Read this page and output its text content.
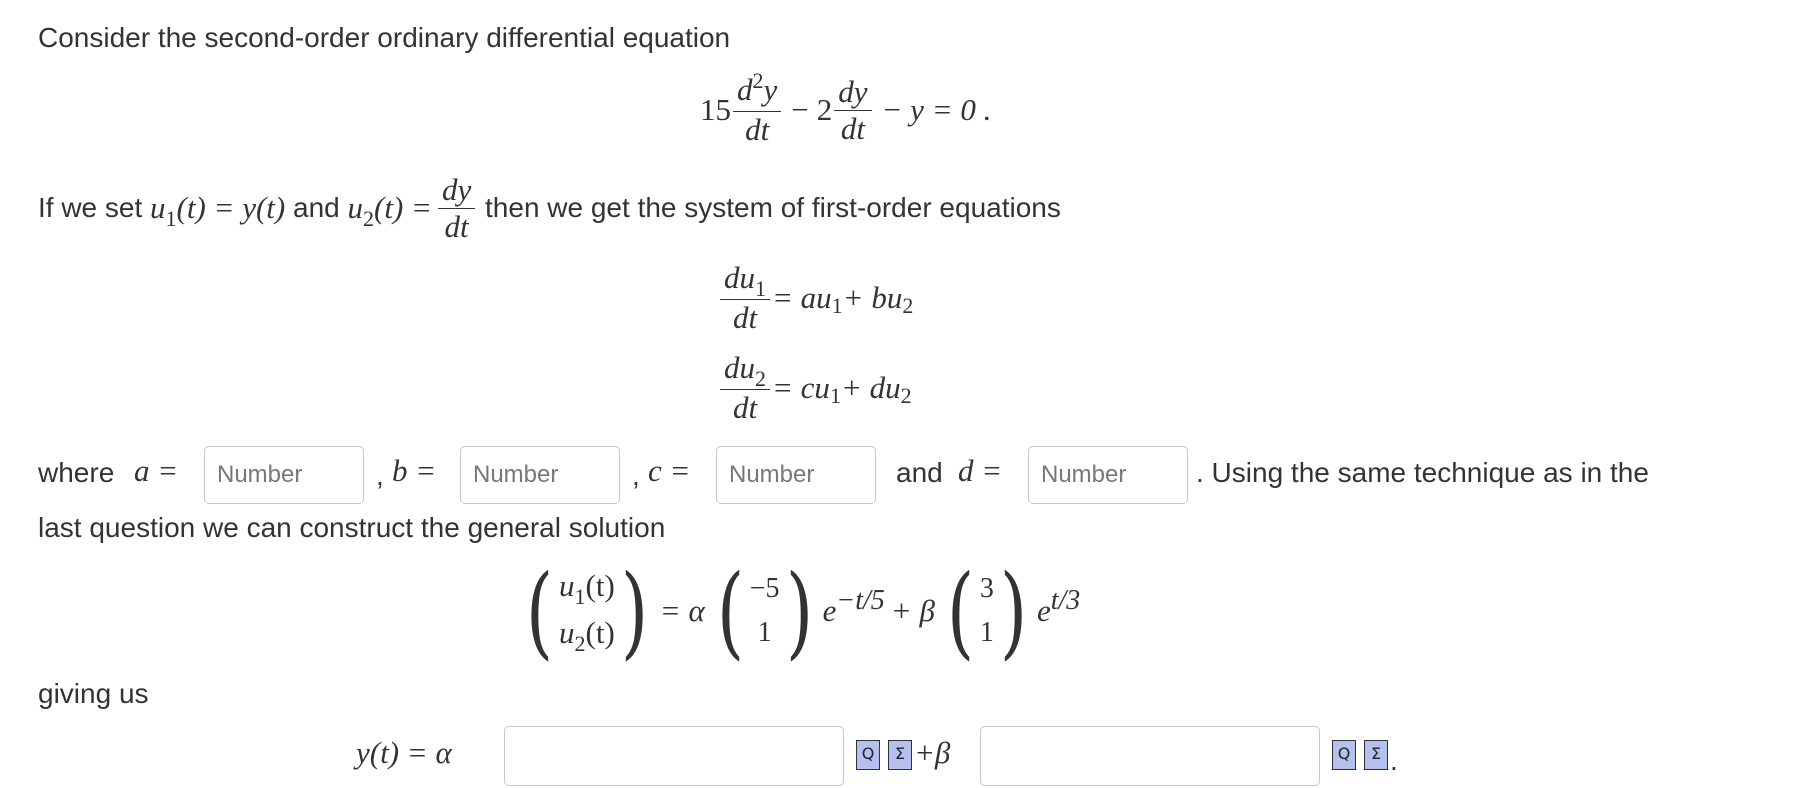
Consider the second-order ordinary differential equation
$15 \frac{d^2y}{dt} - 2 \frac{dy}{dt} - y = 0$ .
If we set
$u_1(t) = y(t)$
and
$u_2(t) = \frac{dy}{dt}$
then we get the system of first-order equations
$\frac{du_1}{dt}$ = au 1 + bu 2
$\frac{du_2}{dt}$ = cu 1 + du 2
where a =	Number	, b =	Number	, c =	Number	and d =	Number	. Using the same technique as in the
last question we can construct the general solution
( $u_1(t)$
$u_2(t)$ ) = α ( −5
1 ) e−t/5 + β ( 3
1 ) et/3
giving us
y(t) = α	Q	Σ +β	Q	Σ .
